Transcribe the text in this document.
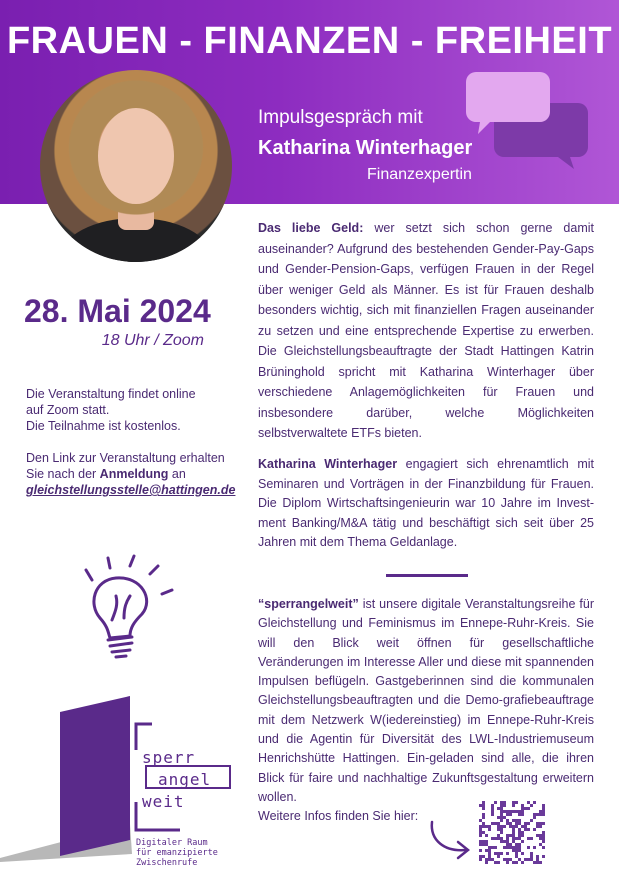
FRAUEN - FINANZEN - FREIHEIT
Impulsgespräch mit
Katharina Winterhager
Finanzexpertin
28. Mai 2024
18 Uhr / Zoom

Die Veranstaltung findet online

auf Zoom statt.

Die Teilnahme ist kostenlos.

Den Link zur Veranstaltung erhalten

Sie nach der Anmeldung an

gleichstellungsstelle@hattingen.de

Das liebe Geld: wer setzt sich schon gerne damit auseinander? Aufgrund des bestehenden Gender-Pay-Gaps und Gender-Pension-Gaps, verfügen Frauen in der Regel über weniger Geld als Männer. Es ist für Frauen deshalb besonders wichtig, sich mit finanziellen Fragen auseinander zu setzen und eine entsprechende Expertise zu erwerben. Die Gleichstellungsbeauftragte der Stadt Hattingen Katrin Brüninghold spricht mit Katharina Winterhager über verschiedene Anlagemöglichkeiten für Frauen und insbesondere darüber, welche Möglichkeiten selbstverwaltete ETFs bieten.

Katharina Winterhager engagiert sich ehrenamtlich mit Seminaren und Vorträgen in der Finanzbildung für Frauen. Die Diplom Wirtschaftsingenieurin war 10 Jahre im Invest-ment Banking/M&A tätig und beschäftigt sich seit über 25 Jahren mit dem Thema Geldanlage.

“sperrangelweit” ist unsere digitale Veranstaltungsreihe für Gleichstellung und Feminismus im Ennepe-Ruhr-Kreis. Sie will den Blick weit öffnen für gesellschaftliche Veränderungen im Interesse Aller und diese mit spannenden Impulsen beflügeln. Gastgeberinnen sind die kommunalen Gleichstellungsbeauftragten und die Demo-grafiebeauftrage mit dem Netzwerk W(iedereinstieg) im Ennepe-Ruhr-Kreis und die Agentin für Diversität des LWL-Industriemuseum Henrichshütte Hattingen. Ein-geladen sind alle, die ihren Blick für faire und nachhaltige Zukunftsgestaltung erweitern wollen.

Weitere Infos finden Sie hier:

sperr
angel
weit
Digitaler Raum
für emanzipierte
Zwischenrufe
